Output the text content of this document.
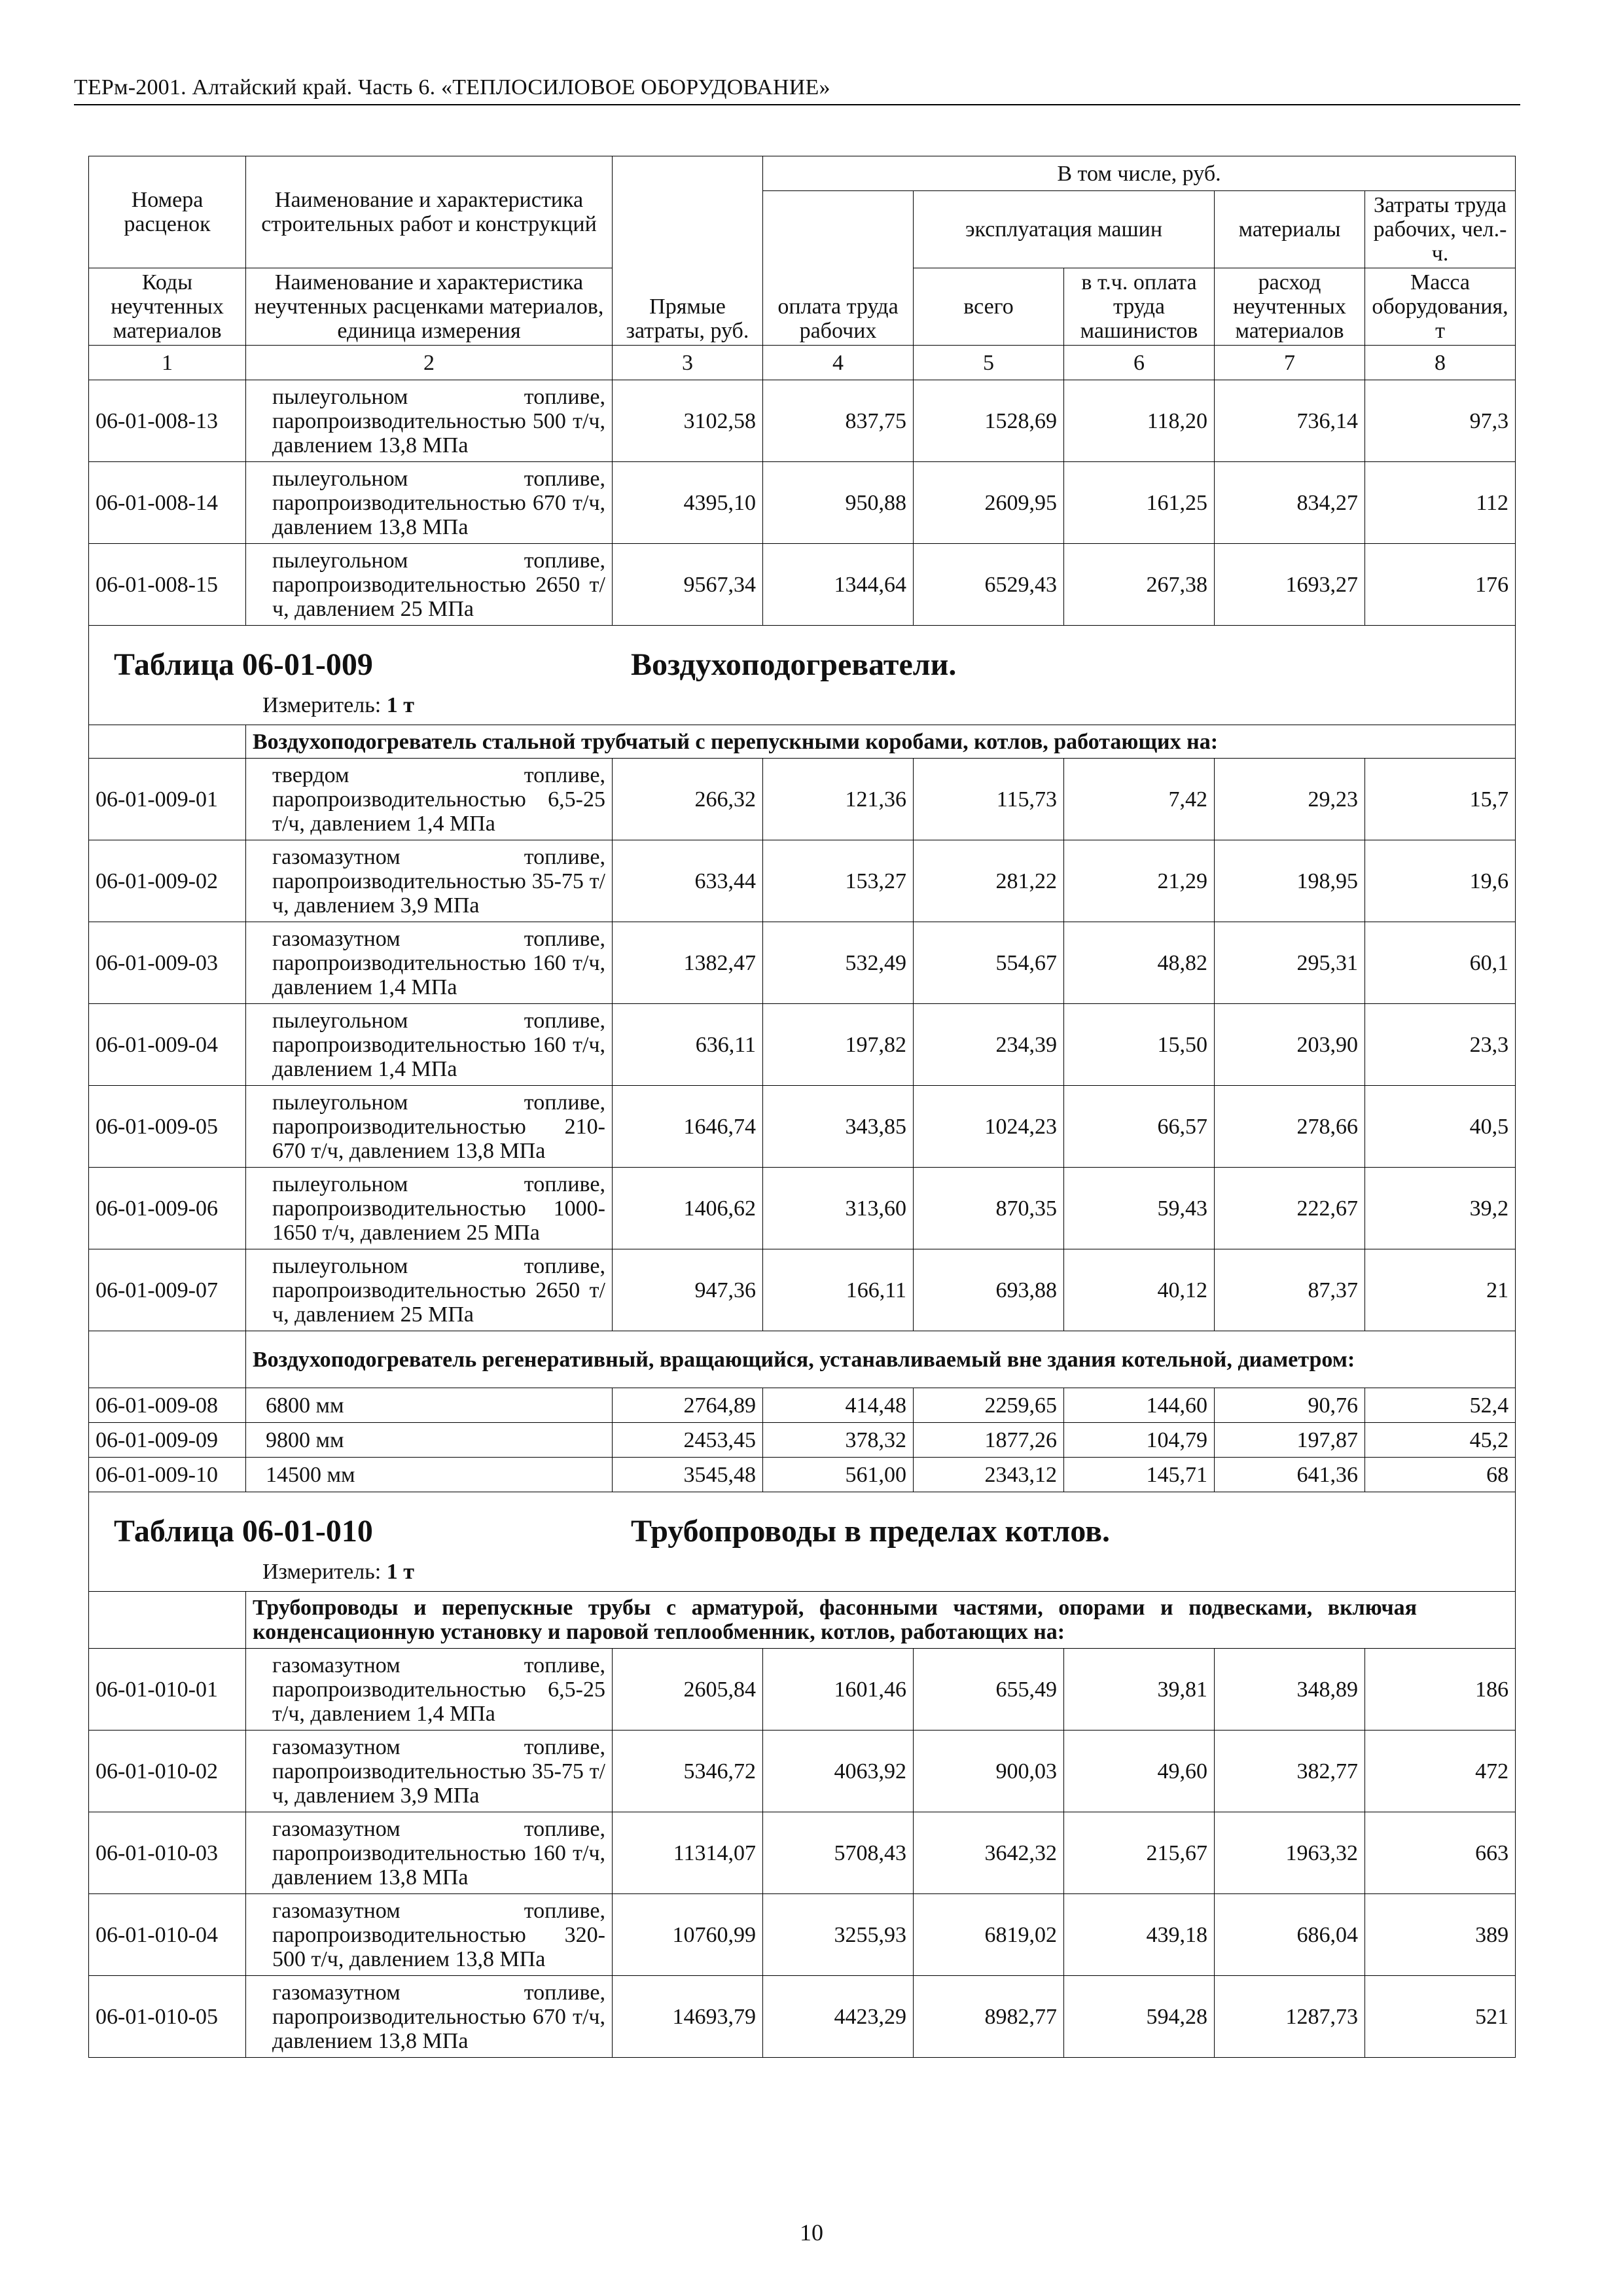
ТЕРм-2001. Алтайский край. Часть 6. «ТЕПЛОСИЛОВОЕ ОБОРУДОВАНИЕ»
Номера расценок	Наименование и характеристика строительных работ и конструкций	Прямые затраты, руб.	В том числе, руб.				
			оплата труда рабочих	эксплуатация машин		материалы	Затраты труда рабочих, чел.-ч.
Коды неучтенных материалов	Наименование и характеристика неучтенных расценками материалов, единица измерения			всего	в т.ч. оплата труда машинистов	расход неучтенных материалов	Масса оборудования, т
1	2	3	4	5	6	7	8
06-01-008-13	пылеугольном топливе, паропроизводительностью 500 т/ч, давлением 13,8 МПа	3102,58	837,75	1528,69	118,20	736,14	97,3
06-01-008-14	пылеугольном топливе, паропроизводительностью 670 т/ч, давлением 13,8 МПа	4395,10	950,88	2609,95	161,25	834,27	112
06-01-008-15	пылеугольном топливе, паропроизводительностью 2650 т/ч, давлением 25 МПа	9567,34	1344,64	6529,43	267,38	1693,27	176

Таблица 06-01-009 Воздухоподогреватели.
Измеритель: 1 т							

	Воздухоподогреватель стальной трубчатый с перепускными коробами, котлов, работающих на:						
06-01-009-01	твердом топливе, паропроизводительностью 6,5-25 т/ч, давлением 1,4 МПа	266,32	121,36	115,73	7,42	29,23	15,7
06-01-009-02	газомазутном топливе, паропроизводительностью 35-75 т/ч, давлением 3,9 МПа	633,44	153,27	281,22	21,29	198,95	19,6
06-01-009-03	газомазутном топливе, паропроизводительностью 160 т/ч, давлением 1,4 МПа	1382,47	532,49	554,67	48,82	295,31	60,1
06-01-009-04	пылеугольном топливе, паропроизводительностью 160 т/ч, давлением 1,4 МПа	636,11	197,82	234,39	15,50	203,90	23,3
06-01-009-05	пылеугольном топливе, паропроизводительностью 210-670 т/ч, давлением 13,8 МПа	1646,74	343,85	1024,23	66,57	278,66	40,5
06-01-009-06	пылеугольном топливе, паропроизводительностью 1000-1650 т/ч, давлением 25 МПа	1406,62	313,60	870,35	59,43	222,67	39,2
06-01-009-07	пылеугольном топливе, паропроизводительностью 2650 т/ч, давлением 25 МПа	947,36	166,11	693,88	40,12	87,37	21
	Воздухоподогреватель регенеративный, вращающийся, устанавливаемый вне здания котельной, диаметром:						
06-01-009-08	6800 мм	2764,89	414,48	2259,65	144,60	90,76	52,4
06-01-009-09	9800 мм	2453,45	378,32	1877,26	104,79	197,87	45,2
06-01-009-10	14500 мм	3545,48	561,00	2343,12	145,71	641,36	68

Таблица 06-01-010 Трубопроводы в пределах котлов.
Измеритель: 1 т							

	Трубопроводы и перепускные трубы с арматурой, фасонными частями, опорами и подвесками, включая конденсационную установку и паровой теплообменник, котлов, работающих на:						
06-01-010-01	газомазутном топливе, паропроизводительностью 6,5-25 т/ч, давлением 1,4 МПа	2605,84	1601,46	655,49	39,81	348,89	186
06-01-010-02	газомазутном топливе, паропроизводительностью 35-75 т/ч, давлением 3,9 МПа	5346,72	4063,92	900,03	49,60	382,77	472
06-01-010-03	газомазутном топливе, паропроизводительностью 160 т/ч, давлением 13,8 МПа	11314,07	5708,43	3642,32	215,67	1963,32	663
06-01-010-04	газомазутном топливе, паропроизводительностью 320-500 т/ч, давлением 13,8 МПа	10760,99	3255,93	6819,02	439,18	686,04	389
06-01-010-05	газомазутном топливе, паропроизводительностью 670 т/ч, давлением 13,8 МПа	14693,79	4423,29	8982,77	594,28	1287,73	521
10
